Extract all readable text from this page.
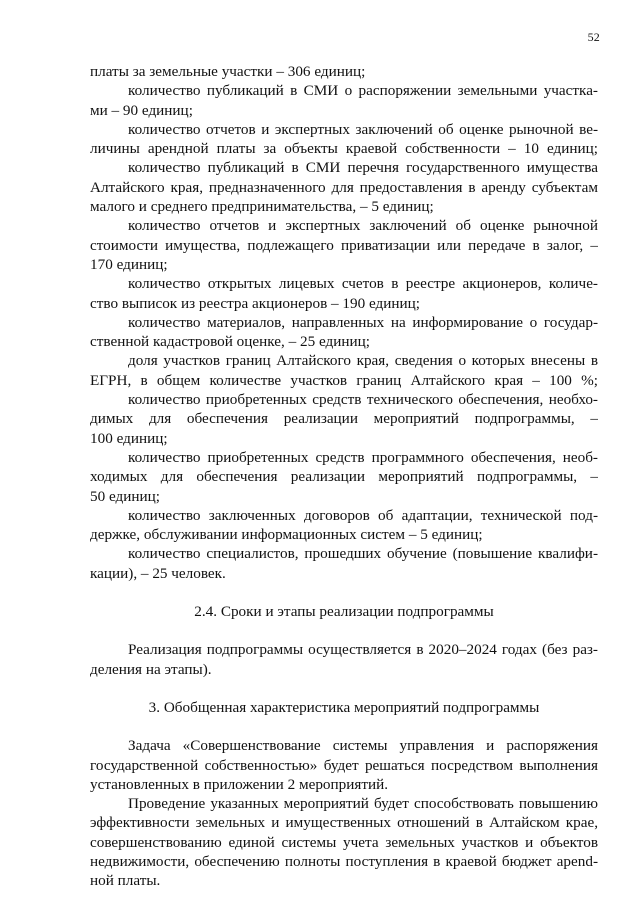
52
платы за земельные участки – 306 единиц;
количество публикаций в СМИ о распоряжении земельными участка-
ми – 90 единиц;
количество отчетов и экспертных заключений об оценке рыночной ве-
личины арендной платы за объекты краевой собственности – 10 единиц;
количество публикаций в СМИ перечня государственного имущества
Алтайского края, предназначенного для предоставления в аренду субъектам
малого и среднего предпринимательства, – 5 единиц;
количество отчетов и экспертных заключений об оценке рыночной
стоимости имущества, подлежащего приватизации или передаче в залог, –
170 единиц;
количество открытых лицевых счетов в реестре акционеров, количе-
ство выписок из реестра акционеров – 190 единиц;
количество материалов, направленных на информирование о государ-
ственной кадастровой оценке, – 25 единиц;
доля участков границ Алтайского края, сведения о которых внесены в
ЕГРН, в общем количестве участков границ Алтайского края – 100 %;
количество приобретенных средств технического обеспечения, необхо-
димых для обеспечения реализации мероприятий подпрограммы, –
100 единиц;
количество приобретенных средств программного обеспечения, необ-
ходимых для обеспечения реализации мероприятий подпрограммы, –
50 единиц;
количество заключенных договоров об адаптации, технической под-
держке, обслуживании информационных систем – 5 единиц;
количество специалистов, прошедших обучение (повышение квалифи-
кации), – 25 человек.
2.4. Сроки и этапы реализации подпрограммы
Реализация подпрограммы осуществляется в 2020–2024 годах (без раз-
деления на этапы).
3. Обобщенная характеристика мероприятий подпрограммы
Задача «Совершенствование системы управления и распоряжения
государственной собственностью» будет решаться посредством выполнения
установленных в приложении 2 мероприятий.
Проведение указанных мероприятий будет способствовать повышению
эффективности земельных и имущественных отношений в Алтайском крае,
совершенствованию единой системы учета земельных участков и объектов
недвижимости, обеспечению полноты поступления в краевой бюджет арend-
ной платы.
